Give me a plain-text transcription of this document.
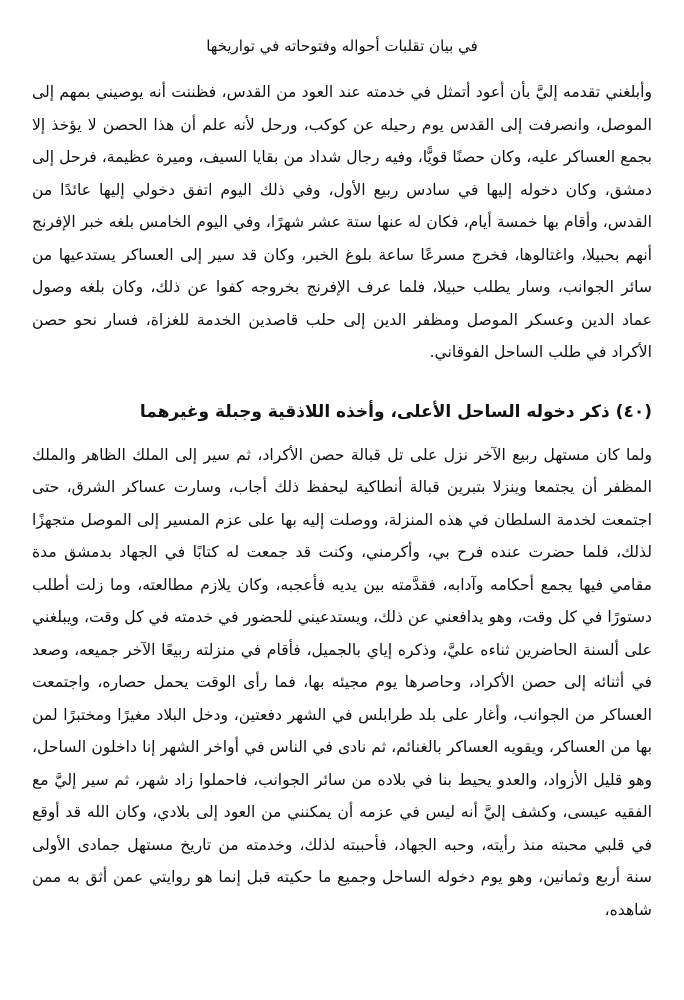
في بيان تقلبات أحواله وفتوحاته في تواريخها

وأبلغني تقدمه إليَّ بأن أعود أتمثل في خدمته عند العود من القدس، فظننت أنه يوصيني بمهم إلى الموصل، وانصرفت إلى القدس يوم رحيله عن كوكب، ورحل لأنه علم أن هذا الحصن لا يؤخذ إلا بجمع العساكر عليه، وكان حصنًا قويًّا، وفيه رجال شداد من بقايا السيف، وميرة عظيمة، فرحل إلى دمشق، وكان دخوله إليها في سادس ربيع الأول، وفي ذلك اليوم اتفق دخولي إليها عائدًا من القدس، وأقام بها خمسة أيام، فكان له عنها ستة عشر شهرًا، وفي اليوم الخامس بلغه خبر الإفرنج أنهم بحبيلا، واغتالوها، فخرج مسرعًا ساعة بلوغ الخبر، وكان قد سير إلى العساكر يستدعيها من سائر الجوانب، وسار يطلب حبيلا، فلما عرف الإفرنج بخروجه كفوا عن ذلك، وكان بلغه وصول عماد الدين وعسكر الموصل ومظفر الدين إلى حلب قاصدين الخدمة للغزاة، فسار نحو حصن الأكراد في طلب الساحل الفوقاني.

(٤٠) ذكر دخوله الساحل الأعلى، وأخذه اللاذقية وجبلة وغيرهما

ولما كان مستهل ربيع الآخر نزل على تل قبالة حصن الأكراد، ثم سير إلى الملك الظاهر والملك المظفر أن يجتمعا وينزلا بتبرين قبالة أنطاكية ليحفظ ذلك أجاب، وسارت عساكر الشرق، حتى اجتمعت لخدمة السلطان في هذه المنزلة، ووصلت إليه بها على عزم المسير إلى الموصل متجهزًا لذلك، فلما حضرت عنده فرح بي، وأكرمني، وكنت قد جمعت له كتابًا في الجهاد بدمشق مدة مقامي فيها يجمع أحكامه وآدابه، فقدَّمته بين يديه فأعجبه، وكان يلازم مطالعته، وما زلت أطلب دستورًا في كل وقت، وهو يدافعني عن ذلك، ويستدعيني للحضور في خدمته في كل وقت، ويبلغني على ألسنة الحاضرين ثناءه عليَّ، وذكره إياي بالجميل، فأقام في منزلته ربيعًا الآخر جميعه، وصعد في أثنائه إلى حصن الأكراد، وحاصرها يوم مجيئه بها، فما رأى الوقت يحمل حصاره، واجتمعت العساكر من الجوانب، وأغار على بلد طرابلس في الشهر دفعتين، ودخل البلاد مغيرًا ومختبرًا لمن بها من العساكر، ويقويه العساكر بالغنائم، ثم نادى في الناس في أواخر الشهر إنا داخلون الساحل، وهو قليل الأزواد، والعدو يحيط بنا في بلاده من سائر الجوانب، فاحملوا زاد شهر، ثم سير إليَّ مع الفقيه عيسى، وكشف إليَّ أنه ليس في عزمه أن يمكنني من العود إلى بلادي، وكان الله قد أوقع في قلبي محبته منذ رأيته، وحبه الجهاد، فأحببته لذلك، وخدمته من تاريخ مستهل جمادى الأولى سنة أربع وثمانين، وهو يوم دخوله الساحل وجميع ما حكيته قبل إنما هو روايتي عمن أثق به ممن شاهده،
